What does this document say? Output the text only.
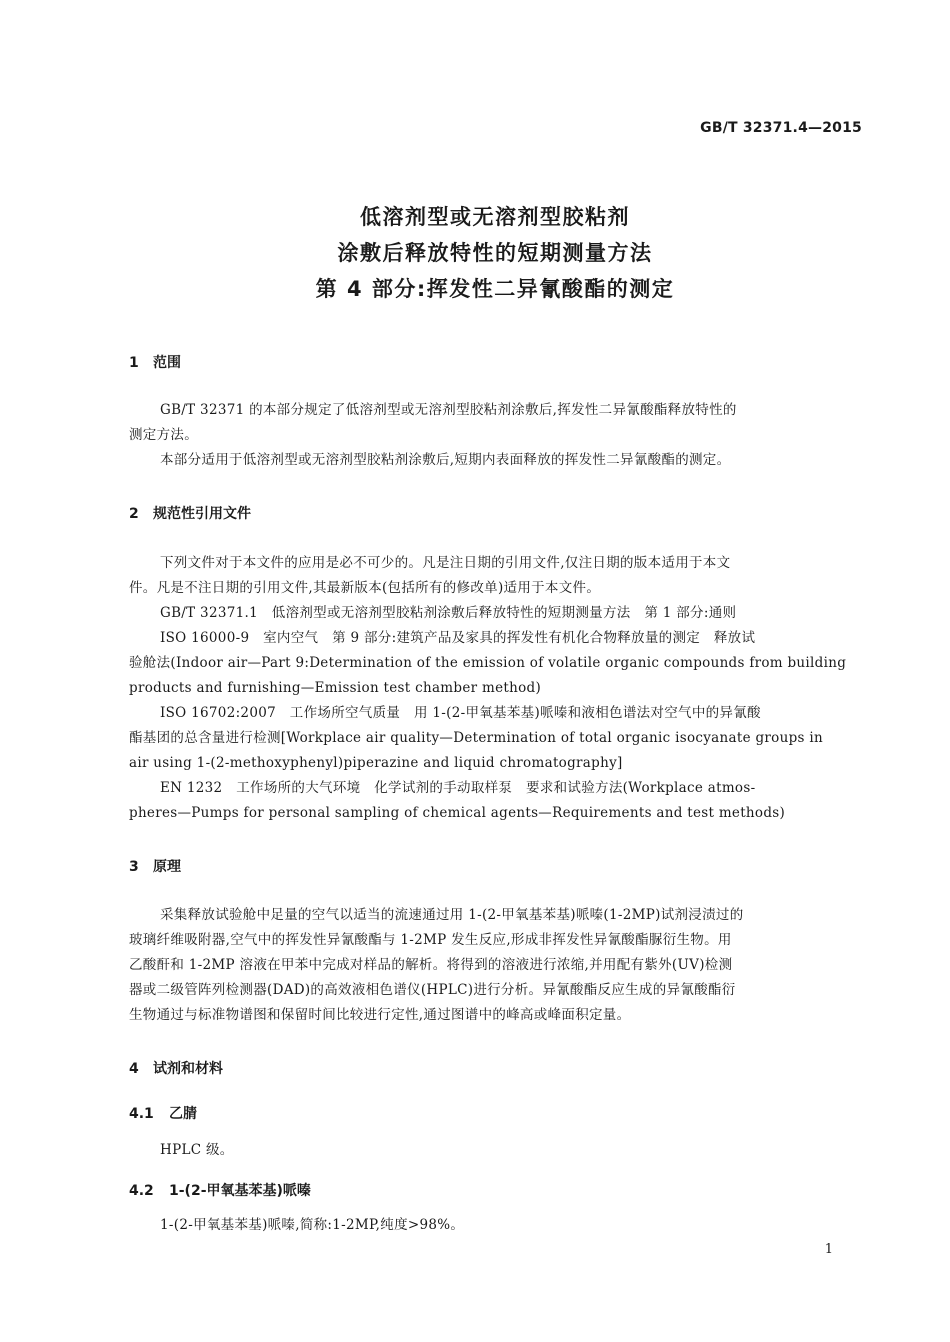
GB/T 32371.4—2015
低溶剂型或无溶剂型胶粘剂
涂敷后释放特性的短期测量方法
第 4 部分:挥发性二异氰酸酯的测定
1 范围
GB/T 32371 的本部分规定了低溶剂型或无溶剂型胶粘剂涂敷后,挥发性二异氰酸酯释放特性的
测定方法。
本部分适用于低溶剂型或无溶剂型胶粘剂涂敷后,短期内表面释放的挥发性二异氰酸酯的测定。
2 规范性引用文件
下列文件对于本文件的应用是必不可少的。凡是注日期的引用文件,仅注日期的版本适用于本文
件。凡是不注日期的引用文件,其最新版本(包括所有的修改单)适用于本文件。
GB/T 32371.1　低溶剂型或无溶剂型胶粘剂涂敷后释放特性的短期测量方法　第 1 部分:通则
ISO 16000-9　室内空气　第 9 部分:建筑产品及家具的挥发性有机化合物释放量的测定　释放试
验舱法(Indoor air—Part 9:Determination of the emission of volatile organic compounds from building
products and furnishing—Emission test chamber method)
ISO 16702:2007　工作场所空气质量　用 1-(2-甲氧基苯基)哌嗪和液相色谱法对空气中的异氰酸
酯基团的总含量进行检测[Workplace air quality—Determination of total organic isocyanate groups in
air using 1-(2-methoxyphenyl)piperazine and liquid chromatography]
EN 1232　工作场所的大气环境　化学试剂的手动取样泵　要求和试验方法(Workplace atmos-
pheres—Pumps for personal sampling of chemical agents—Requirements and test methods)
3 原理
采集释放试验舱中足量的空气以适当的流速通过用 1-(2-甲氧基苯基)哌嗪(1-2MP)试剂浸渍过的
玻璃纤维吸附器,空气中的挥发性异氰酸酯与 1-2MP 发生反应,形成非挥发性异氰酸酯脲衍生物。用
乙酸酐和 1-2MP 溶液在甲苯中完成对样品的解析。将得到的溶液进行浓缩,并用配有紫外(UV)检测
器或二级管阵列检测器(DAD)的高效液相色谱仪(HPLC)进行分析。异氰酸酯反应生成的异氰酸酯衍
生物通过与标准物谱图和保留时间比较进行定性,通过图谱中的峰高或峰面积定量。
4 试剂和材料
4.1 乙腈
HPLC 级。
4.2 1-(2-甲氧基苯基)哌嗪
1-(2-甲氧基苯基)哌嗪,简称:1-2MP,纯度>98%。
1
